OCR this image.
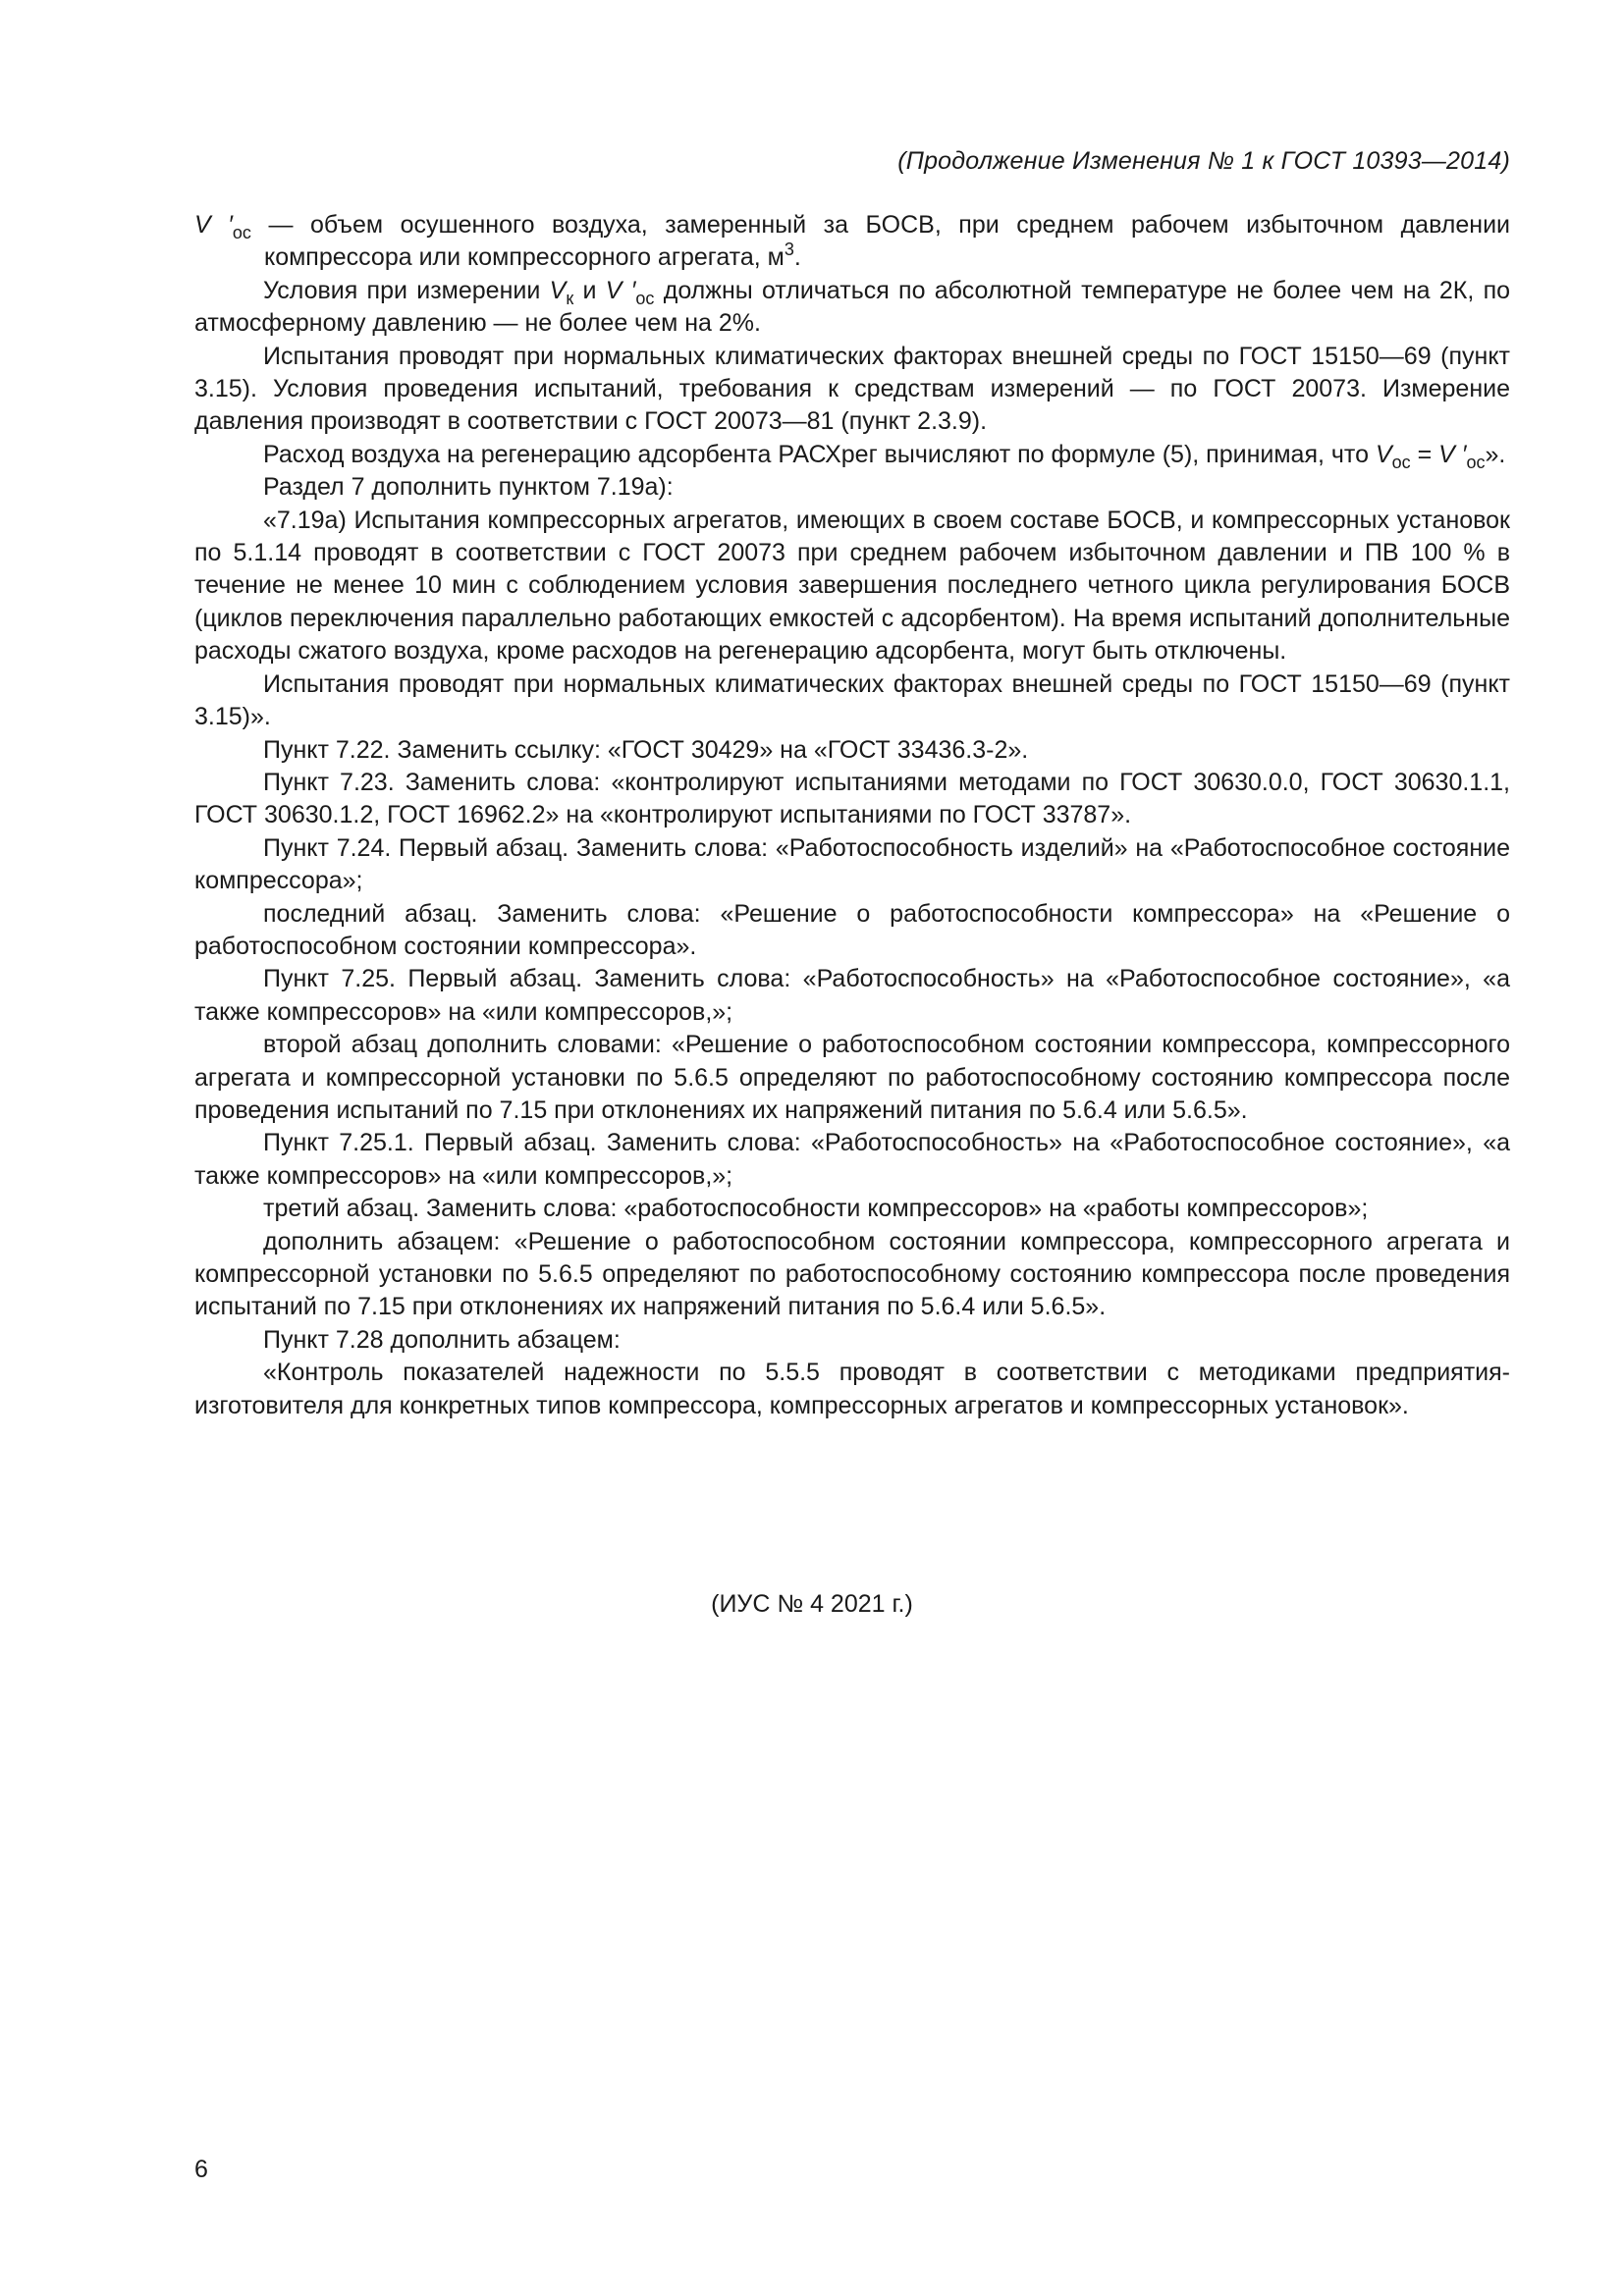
(Продолжение Изменения № 1 к ГОСТ 10393—2014)

V $'_{ос}$ — объем осушенного воздуха, замеренный за БОСВ, при среднем рабочем избыточном давлении компрессора или компрессорного агрегата, $м^3$.

Условия при измерении $V_к$ и V $'_{ос}$ должны отличаться по абсолютной температуре не более чем на 2К, по атмосферному давлению — не более чем на 2%.

Испытания проводят при нормальных климатических факторах внешней среды по ГОСТ 15150—69 (пункт 3.15). Условия проведения испытаний, требования к средствам измерений — по ГОСТ 20073. Измерение давления производят в соответствии с ГОСТ 20073—81 (пункт 2.3.9).

Расход воздуха на регенерацию адсорбента РАСХрег вычисляют по формуле (5), принимая, что $V_{ос} = V$ $'_{ос}$».

Раздел 7 дополнить пунктом 7.19а):

«7.19а) Испытания компрессорных агрегатов, имеющих в своем составе БОСВ, и компрессорных установок по 5.1.14 проводят в соответствии с ГОСТ 20073 при среднем рабочем избыточном давлении и ПВ 100 % в течение не менее 10 мин с соблюдением условия завершения последнего четного цикла регулирования БОСВ (циклов переключения параллельно работающих емкостей с адсорбентом). На время испытаний дополнительные расходы сжатого воздуха, кроме расходов на регенерацию адсорбента, могут быть отключены.

Испытания проводят при нормальных климатических факторах внешней среды по ГОСТ 15150—69 (пункт 3.15)».

Пункт 7.22. Заменить ссылку: «ГОСТ 30429» на «ГОСТ 33436.3-2».

Пункт 7.23. Заменить слова: «контролируют испытаниями методами по ГОСТ 30630.0.0, ГОСТ 30630.1.1, ГОСТ 30630.1.2, ГОСТ 16962.2» на «контролируют испытаниями по ГОСТ 33787».

Пункт 7.24. Первый абзац. Заменить слова: «Работоспособность изделий» на «Работоспособное состояние компрессора»;

последний абзац. Заменить слова: «Решение о работоспособности компрессора» на «Решение о работоспособном состоянии компрессора».

Пункт 7.25. Первый абзац. Заменить слова: «Работоспособность» на «Работоспособное состояние», «а также компрессоров» на «или компрессоров,»;

второй абзац дополнить словами: «Решение о работоспособном состоянии компрессора, компрессорного агрегата и компрессорной установки по 5.6.5 определяют по работоспособному состоянию компрессора после проведения испытаний по 7.15 при отклонениях их напряжений питания по 5.6.4 или 5.6.5».

Пункт 7.25.1. Первый абзац. Заменить слова: «Работоспособность» на «Работоспособное состояние», «а также компрессоров» на «или компрессоров,»;

третий абзац. Заменить слова: «работоспособности компрессоров» на «работы компрессоров»;

дополнить абзацем: «Решение о работоспособном состоянии компрессора, компрессорного агрегата и компрессорной установки по 5.6.5 определяют по работоспособному состоянию компрессора после проведения испытаний по 7.15 при отклонениях их напряжений питания по 5.6.4 или 5.6.5».

Пункт 7.28 дополнить абзацем:

«Контроль показателей надежности по 5.5.5 проводят в соответствии с методиками предприятия-изготовителя для конкретных типов компрессора, компрессорных агрегатов и компрессорных установок».

(ИУС № 4 2021 г.)
6
